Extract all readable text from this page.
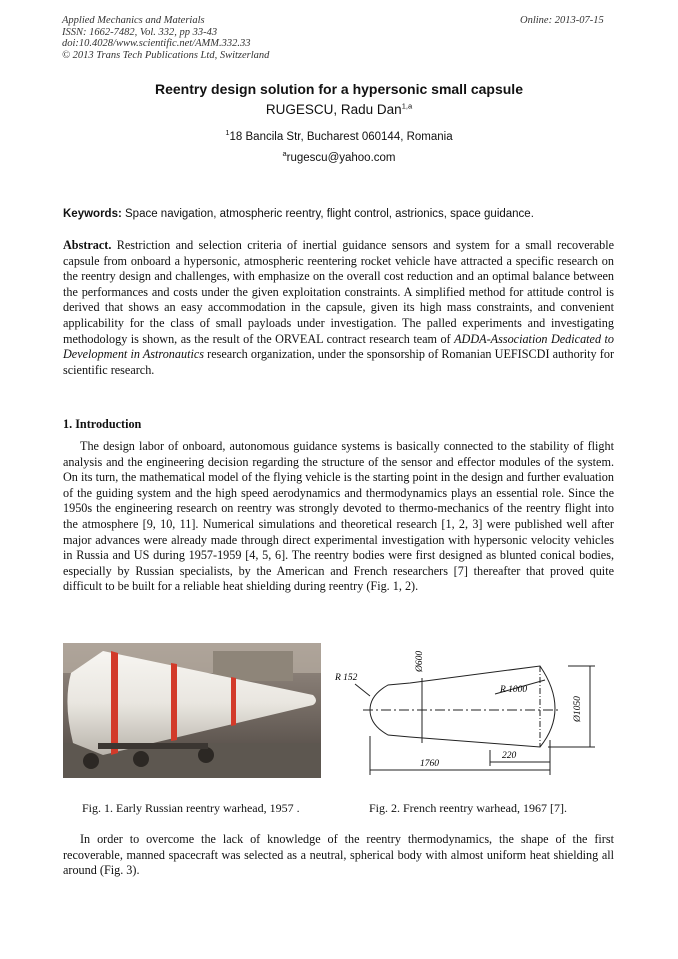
Applied Mechanics and Materials
ISSN: 1662-7482, Vol. 332, pp 33-43
doi:10.4028/www.scientific.net/AMM.332.33
© 2013 Trans Tech Publications Ltd, Switzerland
Online: 2013-07-15
Reentry design solution for a hypersonic small capsule
RUGESCU, Radu Dan$^{1,a}$
$^1$18 Bancila Str, Bucharest 060144, Romania
$^a$rugescu@yahoo.com
Keywords: Space navigation, atmospheric reentry, flight control, astrionics, space guidance.
Abstract. Restriction and selection criteria of inertial guidance sensors and system for a small recoverable capsule from onboard a hypersonic, atmospheric reentering rocket vehicle have attracted a specific research on the reentry design and challenges, with emphasize on the overall cost reduction and an optimal balance between the performances and costs under the given exploitation constraints. A simplified method for attitude control is derived that shows an easy accommodation in the capsule, given its high mass constraints, and convenient applicability for the class of small payloads under investigation. The palled experiments and investigating methodology is shown, as the result of the ORVEAL contract research team of ADDA-Association Dedicated to Development in Astronautics research organization, under the sponsorship of Romanian UEFISCDI authority for scientific research.
1. Introduction
The design labor of onboard, autonomous guidance systems is basically connected to the stability of flight analysis and the engineering decision regarding the structure of the sensor and effector modules of the system. On its turn, the mathematical model of the flying vehicle is the starting point in the design and further evaluation of the guiding system and the high speed aerodynamics and thermodynamics plays an essential role. Since the 1950s the engineering research on reentry was strongly devoted to thermo-mechanics of the reentry flight into the atmosphere [9, 10, 11]. Numerical simulations and theoretical research [1, 2, 3] were published well after major advances were already made through direct experimental investigation with hypersonic velocity vehicles in Russia and US during 1957-1959 [4, 5, 6]. The reentry bodies were first designed as blunted conical bodies, especially by Russian specialists, by the American and French researchers [7] thereafter that proved quite difficult to be built for a reliable heat shielding during reentry (Fig. 1, 2).
R 152
Ø600
R 1000
Ø1050
220
1760
Fig. 1. Early Russian reentry warhead, 1957 .	Fig. 2. French reentry warhead, 1967 [7].
In order to overcome the lack of knowledge of the reentry thermodynamics, the shape of the first recoverable, manned spacecraft was selected as a neutral, spherical body with almost uniform heat shielding all around (Fig. 3).
